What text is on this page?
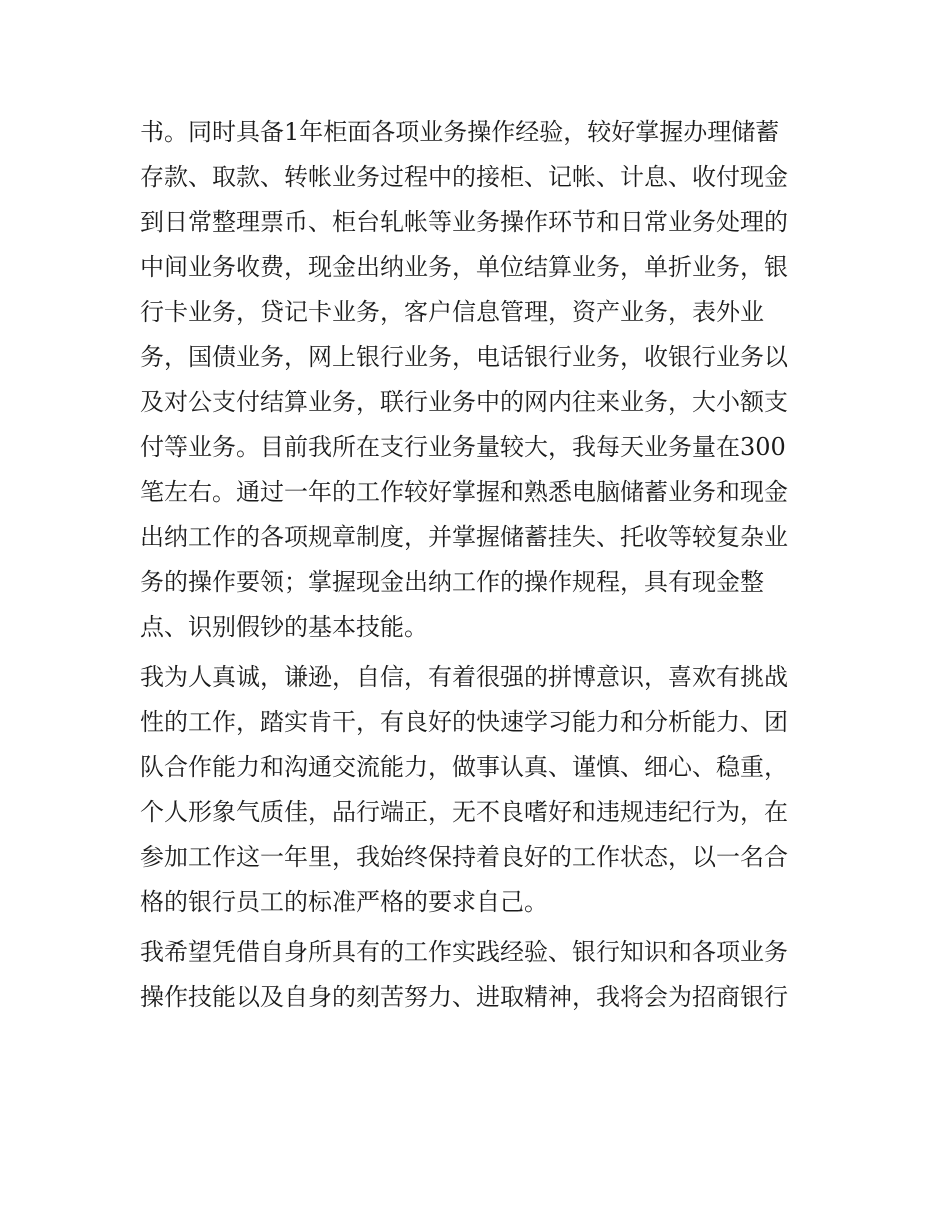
书。同时具备1年柜面各项业务操作经验，较好掌握办理储蓄
存款、取款、转帐业务过程中的接柜、记帐、计息、收付现金
到日常整理票币、柜台轧帐等业务操作环节和日常业务处理的
中间业务收费，现金出纳业务，单位结算业务，单折业务，银
行卡业务，贷记卡业务，客户信息管理，资产业务，表外业
务，国债业务，网上银行业务，电话银行业务，收银行业务以
及对公支付结算业务，联行业务中的网内往来业务，大小额支
付等业务。目前我所在支行业务量较大，我每天业务量在300
笔左右。通过一年的工作较好掌握和熟悉电脑储蓄业务和现金
出纳工作的各项规章制度，并掌握储蓄挂失、托收等较复杂业
务的操作要领；掌握现金出纳工作的操作规程，具有现金整
点、识别假钞的基本技能。
我为人真诚，谦逊，自信，有着很强的拼博意识，喜欢有挑战
性的工作，踏实肯干，有良好的快速学习能力和分析能力、团
队合作能力和沟通交流能力，做事认真、谨慎、细心、稳重，
个人形象气质佳，品行端正，无不良嗜好和违规违纪行为，在
参加工作这一年里，我始终保持着良好的工作状态，以一名合
格的银行员工的标准严格的要求自己。
我希望凭借自身所具有的工作实践经验、银行知识和各项业务
操作技能以及自身的刻苦努力、进取精神，我将会为招商银行
